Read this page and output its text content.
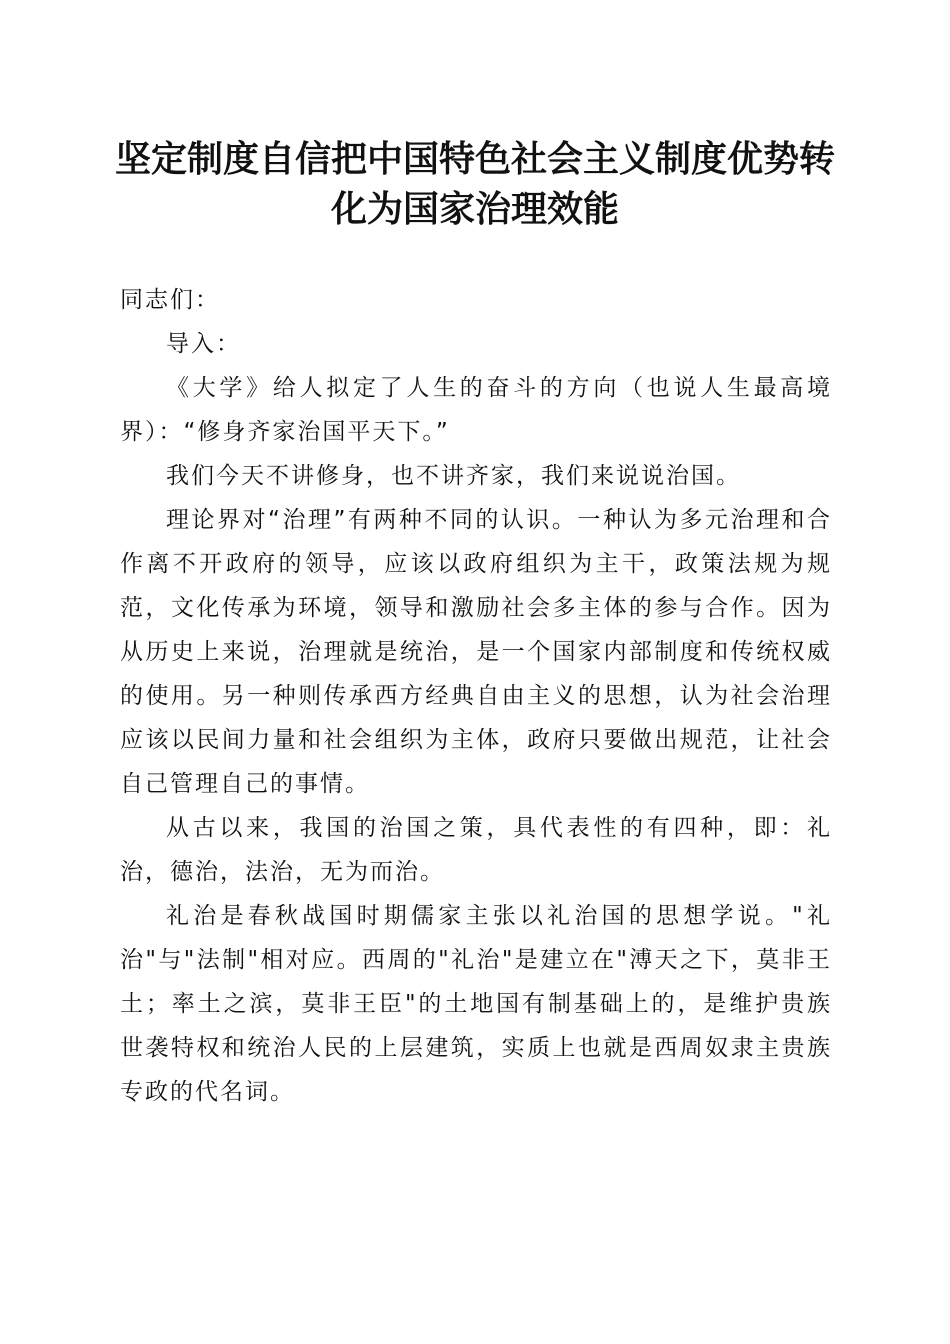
坚定制度自信把中国特色社会主义制度优势转化为国家治理效能

同志们：

导入：

《大学》给人拟定了人生的奋斗的方向（也说人生最高境界）：“修身齐家治国平天下。”

我们今天不讲修身，也不讲齐家，我们来说说治国。

理论界对“治理”有两种不同的认识。一种认为多元治理和合作离不开政府的领导，应该以政府组织为主干，政策法规为规范，文化传承为环境，领导和激励社会多主体的参与合作。因为从历史上来说，治理就是统治，是一个国家内部制度和传统权威的使用。另一种则传承西方经典自由主义的思想，认为社会治理应该以民间力量和社会组织为主体，政府只要做出规范，让社会自己管理自己的事情。

从古以来，我国的治国之策，具代表性的有四种，即：礼治，德治，法治，无为而治。

礼治是春秋战国时期儒家主张以礼治国的思想学说。"礼治"与"法制"相对应。西周的"礼治"是建立在"溥天之下，莫非王土；率土之滨，莫非王臣"的土地国有制基础上的，是维护贵族世袭特权和统治人民的上层建筑，实质上也就是西周奴隶主贵族专政的代名词。
